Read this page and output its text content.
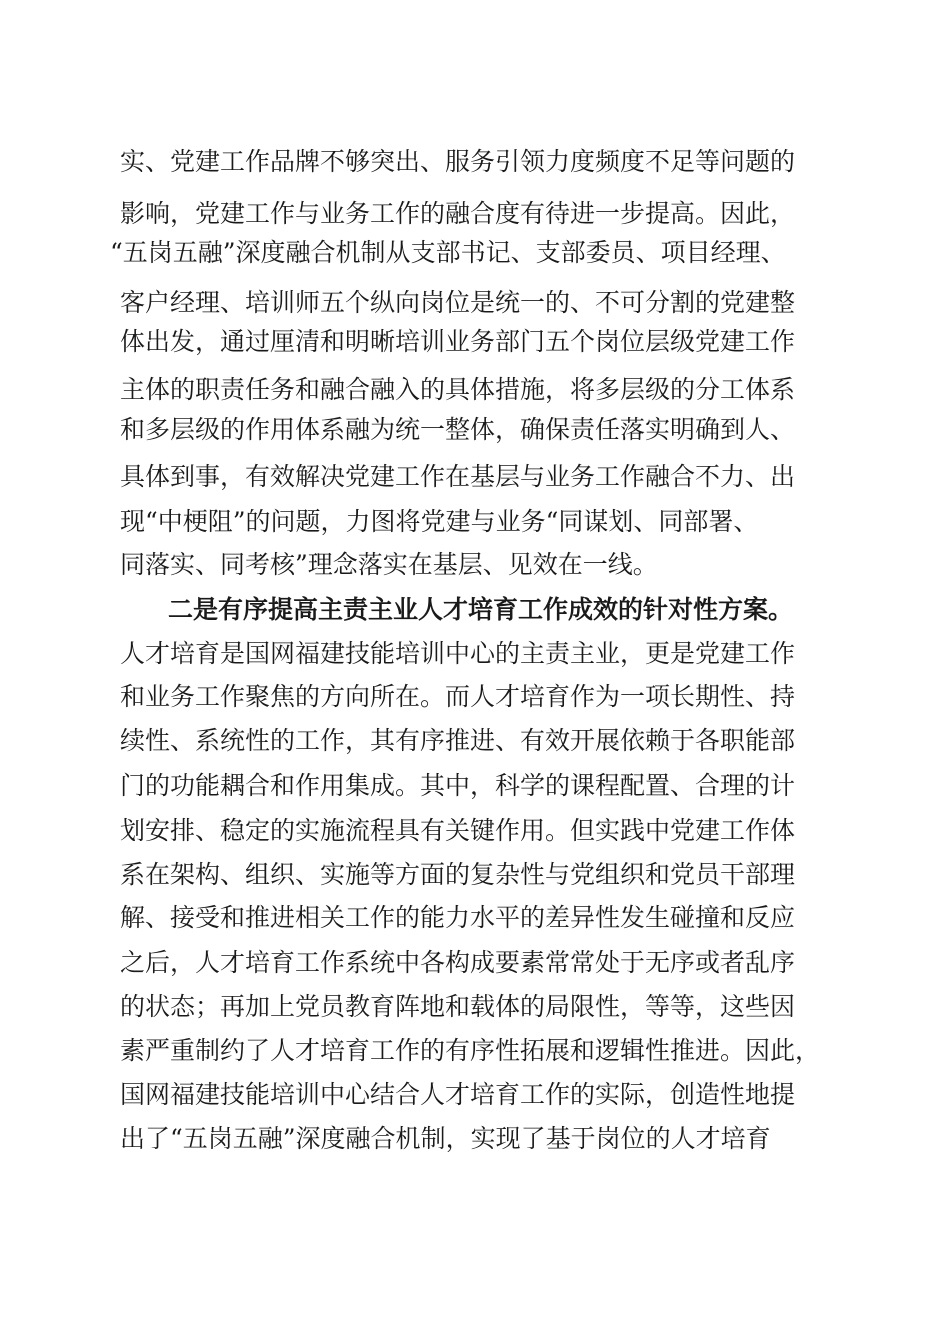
实、党建工作品牌不够突出、服务引领力度频度不足等问题的
影响，党建工作与业务工作的融合度有待进一步提高。因此，
“五岗五融”深度融合机制从支部书记、支部委员、项目经理、
客户经理、培训师五个纵向岗位是统一的、不可分割的党建整
体出发，通过厘清和明晰培训业务部门五个岗位层级党建工作
主体的职责任务和融合融入的具体措施，将多层级的分工体系
和多层级的作用体系融为统一整体，确保责任落实明确到人、
具体到事，有效解决党建工作在基层与业务工作融合不力、出
现“中梗阻”的问题，力图将党建与业务“同谋划、同部署、
同落实、同考核”理念落实在基层、见效在一线。
二是有序提高主责主业人才培育工作成效的针对性方案。
人才培育是国网福建技能培训中心的主责主业，更是党建工作
和业务工作聚焦的方向所在。而人才培育作为一项长期性、持
续性、系统性的工作，其有序推进、有效开展依赖于各职能部
门的功能耦合和作用集成。其中，科学的课程配置、合理的计
划安排、稳定的实施流程具有关键作用。但实践中党建工作体
系在架构、组织、实施等方面的复杂性与党组织和党员干部理
解、接受和推进相关工作的能力水平的差异性发生碰撞和反应
之后，人才培育工作系统中各构成要素常常处于无序或者乱序
的状态；再加上党员教育阵地和载体的局限性，等等，这些因
素严重制约了人才培育工作的有序性拓展和逻辑性推进。因此，
国网福建技能培训中心结合人才培育工作的实际，创造性地提
出了“五岗五融”深度融合机制，实现了基于岗位的人才培育
